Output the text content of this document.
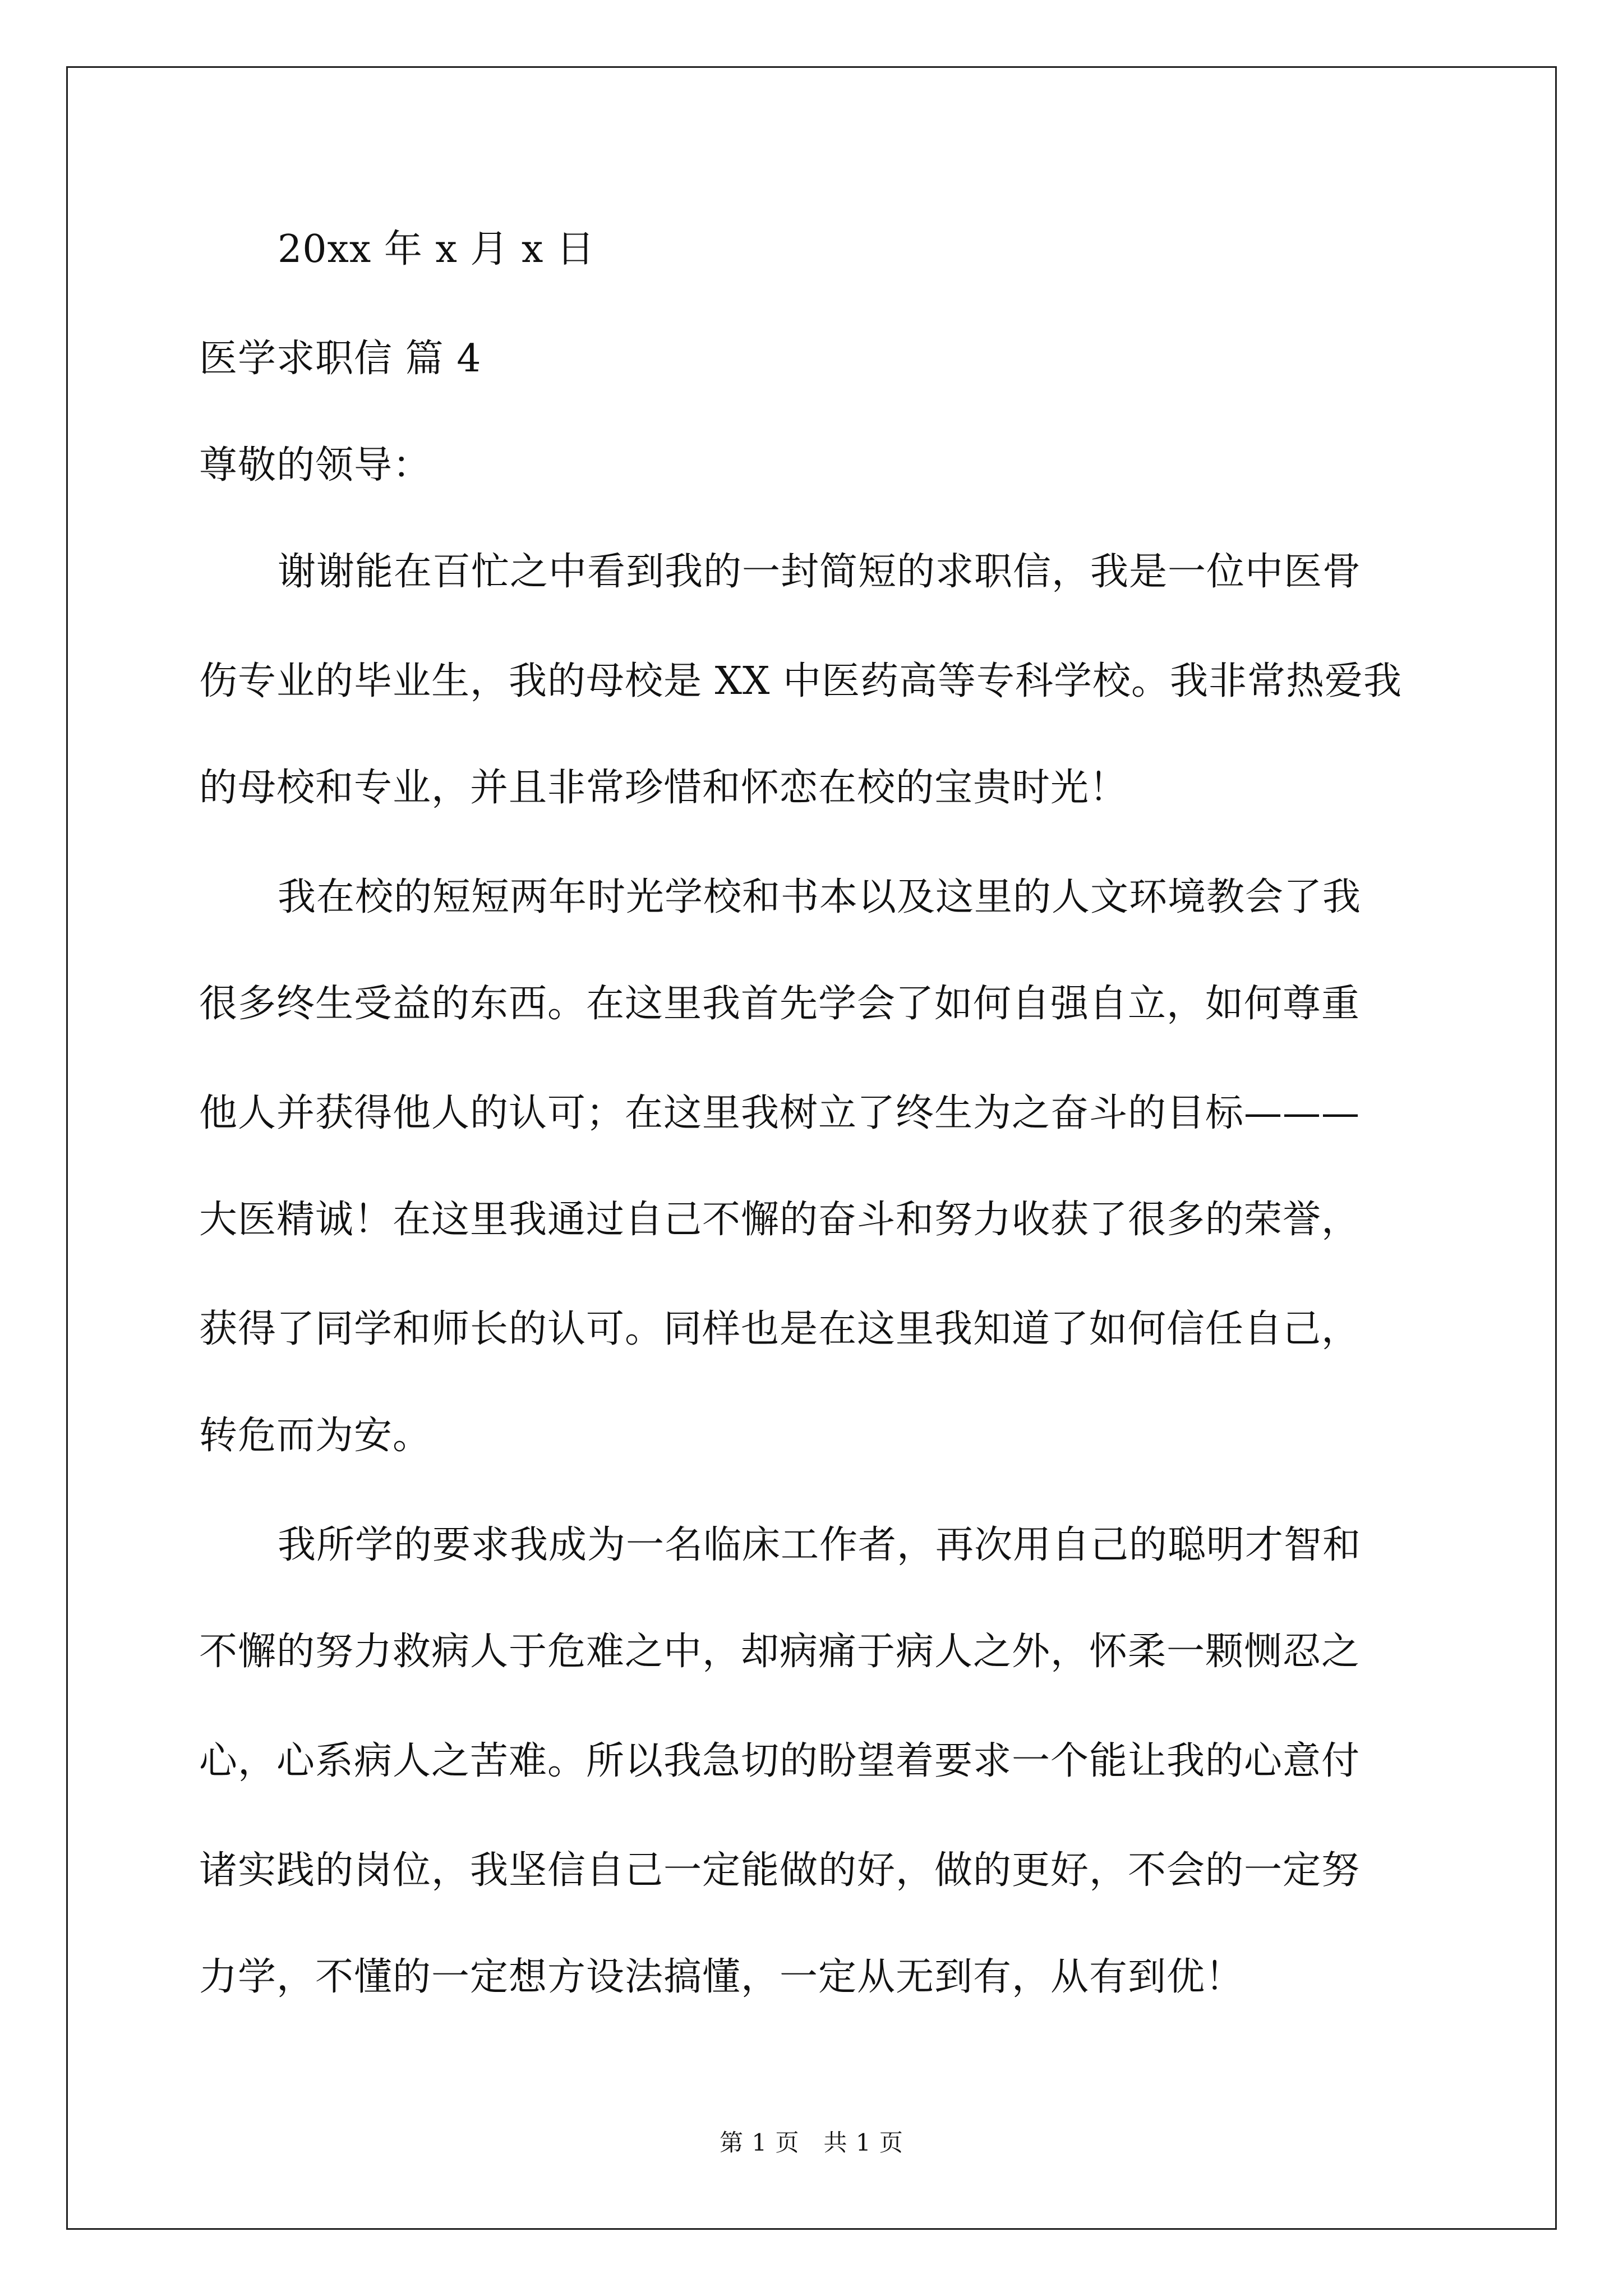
20xx 年 x 月 x 日
医学求职信 篇 4
尊敬的领导：
谢谢能在百忙之中看到我的一封简短的求职信，我是一位中医骨
伤专业的毕业生，我的母校是 XX 中医药高等专科学校。我非常热爱我
的母校和专业，并且非常珍惜和怀恋在校的宝贵时光！
我在校的短短两年时光学校和书本以及这里的人文环境教会了我
很多终生受益的东西。在这里我首先学会了如何自强自立，如何尊重
他人并获得他人的认可；在这里我树立了终生为之奋斗的目标———
大医精诚！在这里我通过自己不懈的奋斗和努力收获了很多的荣誉，
获得了同学和师长的认可。同样也是在这里我知道了如何信任自己，
转危而为安。
我所学的要求我成为一名临床工作者，再次用自己的聪明才智和
不懈的努力救病人于危难之中，却病痛于病人之外，怀柔一颗恻忍之
心，心系病人之苦难。所以我急切的盼望着要求一个能让我的心意付
诸实践的岗位，我坚信自己一定能做的好，做的更好，不会的一定努
力学，不懂的一定想方设法搞懂，一定从无到有，从有到优！
第 1 页　共 1 页
